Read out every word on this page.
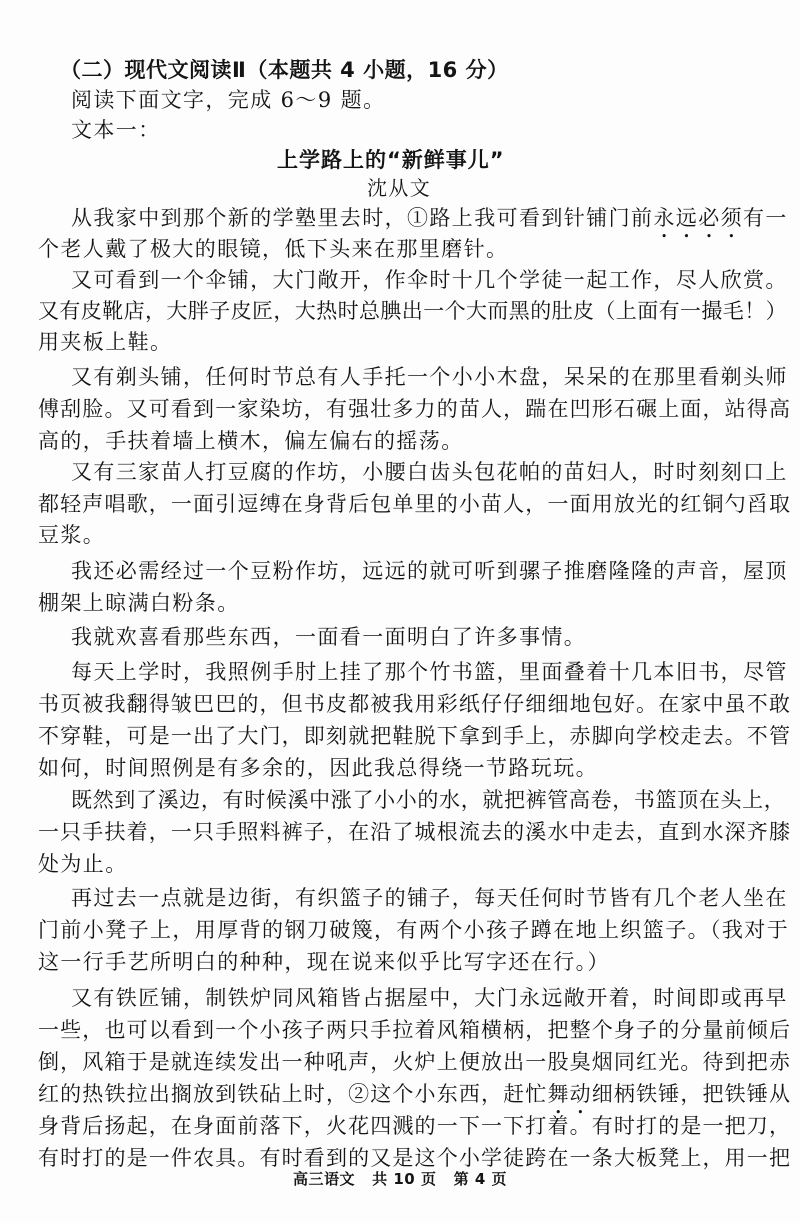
（二）现代文阅读Ⅱ（本题共 4 小题，16 分）
阅读下面文字，完成 6～9 题。
文本一：
上学路上的“新鲜事儿”
沈从文
从我家中到那个新的学塾里去时，①路上我可看到针铺门前永远必须有一
个老人戴了极大的眼镜，低下头来在那里磨针。
又可看到一个伞铺，大门敞开，作伞时十几个学徒一起工作，尽人欣赏。
又有皮靴店，大胖子皮匠，大热时总腆出一个大而黑的肚皮（上面有一撮毛！）
用夹板上鞋。
又有剃头铺，任何时节总有人手托一个小小木盘，呆呆的在那里看剃头师
傅刮脸。又可看到一家染坊，有强壮多力的苗人，踹在凹形石碾上面，站得高
高的，手扶着墙上横木，偏左偏右的摇荡。
又有三家苗人打豆腐的作坊，小腰白齿头包花帕的苗妇人，时时刻刻口上
都轻声唱歌，一面引逗缚在身背后包单里的小苗人，一面用放光的红铜勺舀取
豆浆。
我还必需经过一个豆粉作坊，远远的就可听到骡子推磨隆隆的声音，屋顶
棚架上晾满白粉条。
我就欢喜看那些东西，一面看一面明白了许多事情。
每天上学时，我照例手肘上挂了那个竹书篮，里面叠着十几本旧书，尽管
书页被我翻得皱巴巴的，但书皮都被我用彩纸仔仔细细地包好。在家中虽不敢
不穿鞋，可是一出了大门，即刻就把鞋脱下拿到手上，赤脚向学校走去。不管
如何，时间照例是有多余的，因此我总得绕一节路玩玩。
既然到了溪边，有时候溪中涨了小小的水，就把裤管高卷，书篮顶在头上，
一只手扶着，一只手照料裤子，在沿了城根流去的溪水中走去，直到水深齐膝
处为止。
再过去一点就是边街，有织篮子的铺子，每天任何时节皆有几个老人坐在
门前小凳子上，用厚背的钢刀破篾，有两个小孩子蹲在地上织篮子。（我对于
这一行手艺所明白的种种，现在说来似乎比写字还在行。）
又有铁匠铺，制铁炉同风箱皆占据屋中，大门永远敞开着，时间即或再早
一些，也可以看到一个小孩子两只手拉着风箱横柄，把整个身子的分量前倾后
倒，风箱于是就连续发出一种吼声，火炉上便放出一股臭烟同红光。待到把赤
红的热铁拉出搁放到铁砧上时，②这个小东西，赶忙舞动细柄铁锤，把铁锤从
身背后扬起，在身面前落下，火花四溅的一下一下打着。有时打的是一把刀，
有时打的是一件农具。有时看到的又是这个小学徒跨在一条大板凳上，用一把
高三语文 共 10 页 第 4 页
